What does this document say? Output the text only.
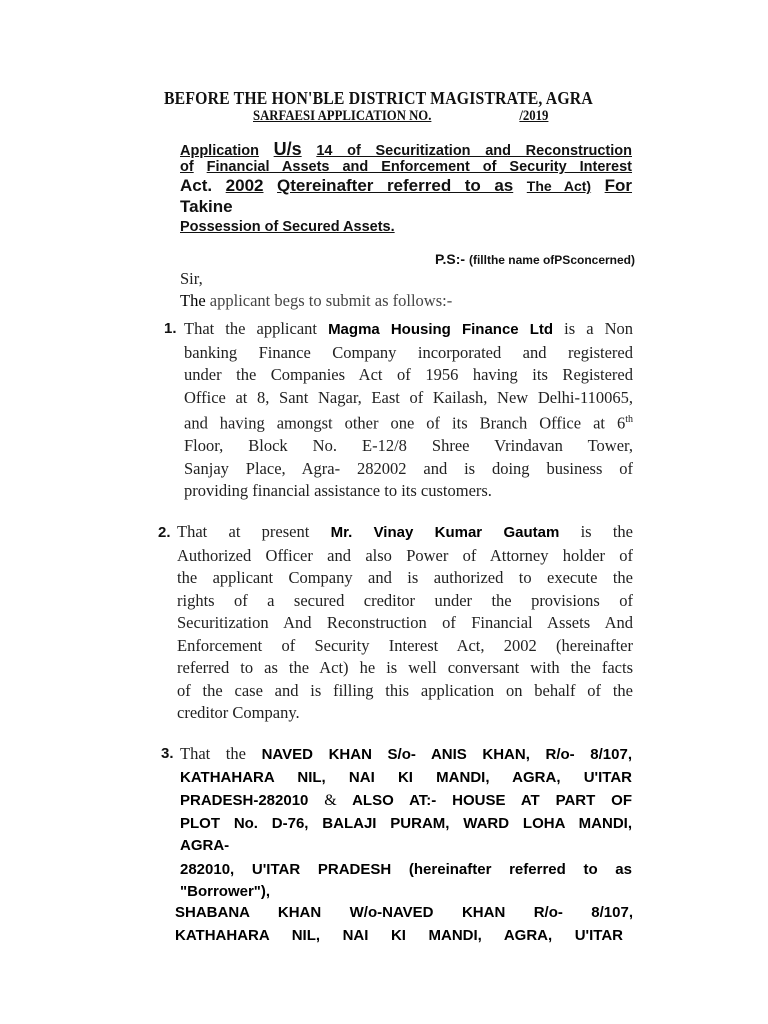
BEFORE THE HON'BLE DISTRICT MAGISTRATE, AGRA
SARFAESI APPLICATION NO.	/2019
Application U/s 14 of Securitization and Reconstruction
of Financial Assets and Enforcement of Security Interest
Act. 2002 Qtereinafter referred to as The Act) For
Takine
Possession of Secured Assets.
P.S:- (fillthe name ofPSconcerned)
Sir,
The applicant begs to submit as follows:-
1. That the applicant Magma Housing Finance Ltd is a Non
banking Finance Company incorporated and registered
under the Companies Act of 1956 having its Registered
Office at 8, Sant Nagar, East of Kailash, New Delhi-110065,
and having amongst other one of its Branch Office at 6th
Floor, Block No. E-12/8 Shree Vrindavan Tower,
Sanjay Place, Agra- 282002 and is doing business of
providing financial assistance to its customers.
2. That at present Mr. Vinay Kumar Gautam is the
Authorized Officer and also Power of Attorney holder of
the applicant Company and is authorized to execute the
rights of a secured creditor under the provisions of
Securitization And Reconstruction of Financial Assets And
Enforcement of Security Interest Act, 2002 (hereinafter
referred to as the Act) he is well conversant with the facts
of the case and is filling this application on behalf of the
creditor Company.
3. That the NAVED KHAN S/o- ANIS KHAN, R/o- 8/107,
KATHAHARA NIL, NAI KI MANDI, AGRA, U'ITAR
PRADESH-282010 & ALSO AT:- HOUSE AT PART OF
PLOT No. D-76, BALAJI PURAM, WARD LOHA MANDI,
AGRA-
282010, U'ITAR PRADESH (hereinafter referred to as
"Borrower"),
SHABANA KHAN W/o-NAVED KHAN R/o- 8/107,
KATHAHARA NIL, NAI KI MANDI, AGRA, U'ITAR
